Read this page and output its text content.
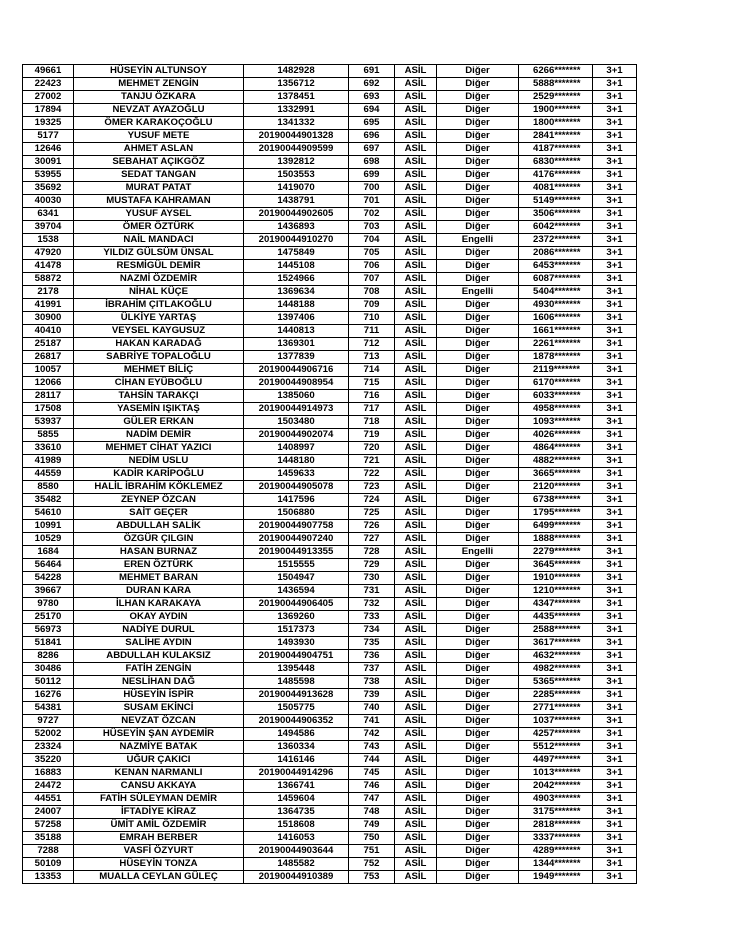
49661	HÜSEYİN ALTUNSOY	1482928	691	ASİL	Diğer	6266*******	3+1
22423	MEHMET ZENGİN	1356712	692	ASİL	Diğer	5888*******	3+1
27002	TANJU ÖZKARA	1378451	693	ASİL	Diğer	2529*******	3+1
17894	NEVZAT AYAZOĞLU	1332991	694	ASİL	Diğer	1900*******	3+1
19325	ÖMER KARAKOÇOĞLU	1341332	695	ASİL	Diğer	1800*******	3+1
5177	YUSUF METE	20190044901328	696	ASİL	Diğer	2841*******	3+1
12646	AHMET ASLAN	20190044909599	697	ASİL	Diğer	4187*******	3+1
30091	SEBAHAT AÇIKGÖZ	1392812	698	ASİL	Diğer	6830*******	3+1
53955	SEDAT TANGAN	1503553	699	ASİL	Diğer	4176*******	3+1
35692	MURAT PATAT	1419070	700	ASİL	Diğer	4081*******	3+1
40030	MUSTAFA KAHRAMAN	1438791	701	ASİL	Diğer	5149*******	3+1
6341	YUSUF AYSEL	20190044902605	702	ASİL	Diğer	3506*******	3+1
39704	ÖMER ÖZTÜRK	1436893	703	ASİL	Diğer	6042*******	3+1
1538	NAİL MANDACI	20190044910270	704	ASİL	Engelli	2372*******	3+1
47920	YILDIZ GÜLSÜM ÜNSAL	1475849	705	ASİL	Diğer	2086*******	3+1
41478	RESMİGÜL DEMİR	1445108	706	ASİL	Diğer	6453*******	3+1
58872	NAZMİ ÖZDEMİR	1524966	707	ASİL	Diğer	6087*******	3+1
2178	NİHAL KÜÇE	1369634	708	ASİL	Engelli	5404*******	3+1
41991	İBRAHİM ÇITLAKOĞLU	1448188	709	ASİL	Diğer	4930*******	3+1
30900	ÜLKİYE YARTAŞ	1397406	710	ASİL	Diğer	1606*******	3+1
40410	VEYSEL KAYGUSUZ	1440813	711	ASİL	Diğer	1661*******	3+1
25187	HAKAN KARADAĞ	1369301	712	ASİL	Diğer	2261*******	3+1
26817	SABRİYE TOPALOĞLU	1377839	713	ASİL	Diğer	1878*******	3+1
10057	MEHMET BİLİÇ	20190044906716	714	ASİL	Diğer	2119*******	3+1
12066	CİHAN EYÜBOĞLU	20190044908954	715	ASİL	Diğer	6170*******	3+1
28117	TAHSİN TARAKÇI	1385060	716	ASİL	Diğer	6033*******	3+1
17508	YASEMİN IŞIKTAŞ	20190044914973	717	ASİL	Diğer	4958*******	3+1
53937	GÜLER ERKAN	1503480	718	ASİL	Diğer	1093*******	3+1
5855	NADİM DEMİR	20190044902074	719	ASİL	Diğer	4026*******	3+1
33610	MEHMET CİHAT YAZICI	1408997	720	ASİL	Diğer	4864*******	3+1
41989	NEDİM USLU	1448180	721	ASİL	Diğer	4882*******	3+1
44559	KADİR KARİPOĞLU	1459633	722	ASİL	Diğer	3665*******	3+1
8580	HALİL İBRAHİM KÖKLEMEZ	20190044905078	723	ASİL	Diğer	2120*******	3+1
35482	ZEYNEP ÖZCAN	1417596	724	ASİL	Diğer	6738*******	3+1
54610	SAİT GEÇER	1506880	725	ASİL	Diğer	1795*******	3+1
10991	ABDULLAH SALİK	20190044907758	726	ASİL	Diğer	6499*******	3+1
10529	ÖZGÜR ÇILGIN	20190044907240	727	ASİL	Diğer	1888*******	3+1
1684	HASAN BURNAZ	20190044913355	728	ASİL	Engelli	2279*******	3+1
56464	EREN ÖZTÜRK	1515555	729	ASİL	Diğer	3645*******	3+1
54228	MEHMET BARAN	1504947	730	ASİL	Diğer	1910*******	3+1
39667	DURAN KARA	1436594	731	ASİL	Diğer	1210*******	3+1
9780	İLHAN KARAKAYA	20190044906405	732	ASİL	Diğer	4347*******	3+1
25170	OKAY AYDIN	1369260	733	ASİL	Diğer	4435*******	3+1
56973	NADİYE DURUL	1517373	734	ASİL	Diğer	2588*******	3+1
51841	SALİHE AYDIN	1493930	735	ASİL	Diğer	3617*******	3+1
8286	ABDULLAH KULAKSIZ	20190044904751	736	ASİL	Diğer	4632*******	3+1
30486	FATİH ZENGİN	1395448	737	ASİL	Diğer	4982*******	3+1
50112	NESLİHAN DAĞ	1485598	738	ASİL	Diğer	5365*******	3+1
16276	HÜSEYİN İSPİR	20190044913628	739	ASİL	Diğer	2285*******	3+1
54381	SUSAM EKİNCİ	1505775	740	ASİL	Diğer	2771*******	3+1
9727	NEVZAT ÖZCAN	20190044906352	741	ASİL	Diğer	1037*******	3+1
52002	HÜSEYİN ŞAN AYDEMİR	1494586	742	ASİL	Diğer	4257*******	3+1
23324	NAZMİYE BATAK	1360334	743	ASİL	Diğer	5512*******	3+1
35220	UĞUR ÇAKICI	1416146	744	ASİL	Diğer	4497*******	3+1
16883	KENAN NARMANLI	20190044914296	745	ASİL	Diğer	1013*******	3+1
24472	CANSU AKKAYA	1366741	746	ASİL	Diğer	2042*******	3+1
44551	FATİH SÜLEYMAN DEMİR	1459604	747	ASİL	Diğer	4903*******	3+1
24007	İFTADİYE KİRAZ	1364735	748	ASİL	Diğer	3175*******	3+1
57258	ÜMİT AMİL ÖZDEMİR	1518608	749	ASİL	Diğer	2818*******	3+1
35188	EMRAH BERBER	1416053	750	ASİL	Diğer	3337*******	3+1
7288	VASFİ ÖZYURT	20190044903644	751	ASİL	Diğer	4289*******	3+1
50109	HÜSEYİN TONZA	1485582	752	ASİL	Diğer	1344*******	3+1
13353	MUALLA CEYLAN GÜLEÇ	20190044910389	753	ASİL	Diğer	1949*******	3+1
